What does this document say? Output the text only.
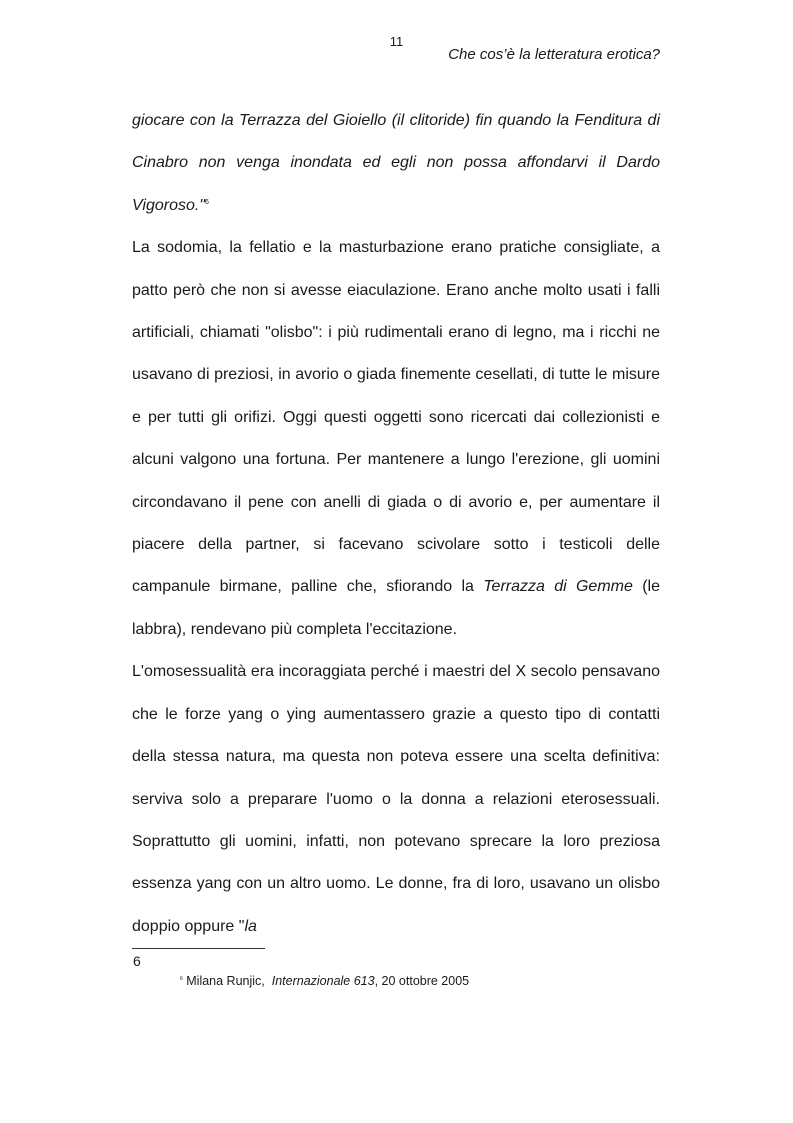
11
Che cos’è la letteratura erotica?

giocare con la Terrazza del Gioiello (il clitoride) fin quando la Fenditura di Cinabro non venga inondata ed egli non possa affondarvi il Dardo Vigoroso."$^6$

La sodomia, la fellatio e la masturbazione erano pratiche consigliate, a patto però che non si avesse eiaculazione. Erano anche molto usati i falli artificiali, chiamati "olisbo": i più rudimentali erano di legno, ma i ricchi ne usavano di preziosi, in avorio o giada finemente cesellati, di tutte le misure e per tutti gli orifizi. Oggi questi oggetti sono ricercati dai collezionisti e alcuni valgono una fortuna. Per mantenere a lungo l'erezione, gli uomini circondavano il pene con anelli di giada o di avorio e, per aumentare il piacere della partner, si facevano scivolare sotto i testicoli delle campanule birmane, palline che, sfiorando la Terrazza di Gemme (le labbra), rendevano più completa l'eccitazione.

L'omosessualità era incoraggiata perché i maestri del X secolo pensavano che le forze yang o ying aumentassero grazie a questo tipo di contatti della stessa natura, ma questa non poteva essere una scelta definitiva: serviva solo a preparare l'uomo o la donna a relazioni eterosessuali. Soprattutto gli uomini, infatti, non potevano sprecare la loro preziosa essenza yang con un altro uomo. Le donne, fra di loro, usavano un olisbo doppio oppure "la

6
$^6$ Milana Runjic, Internazionale 613, 20 ottobre 2005
